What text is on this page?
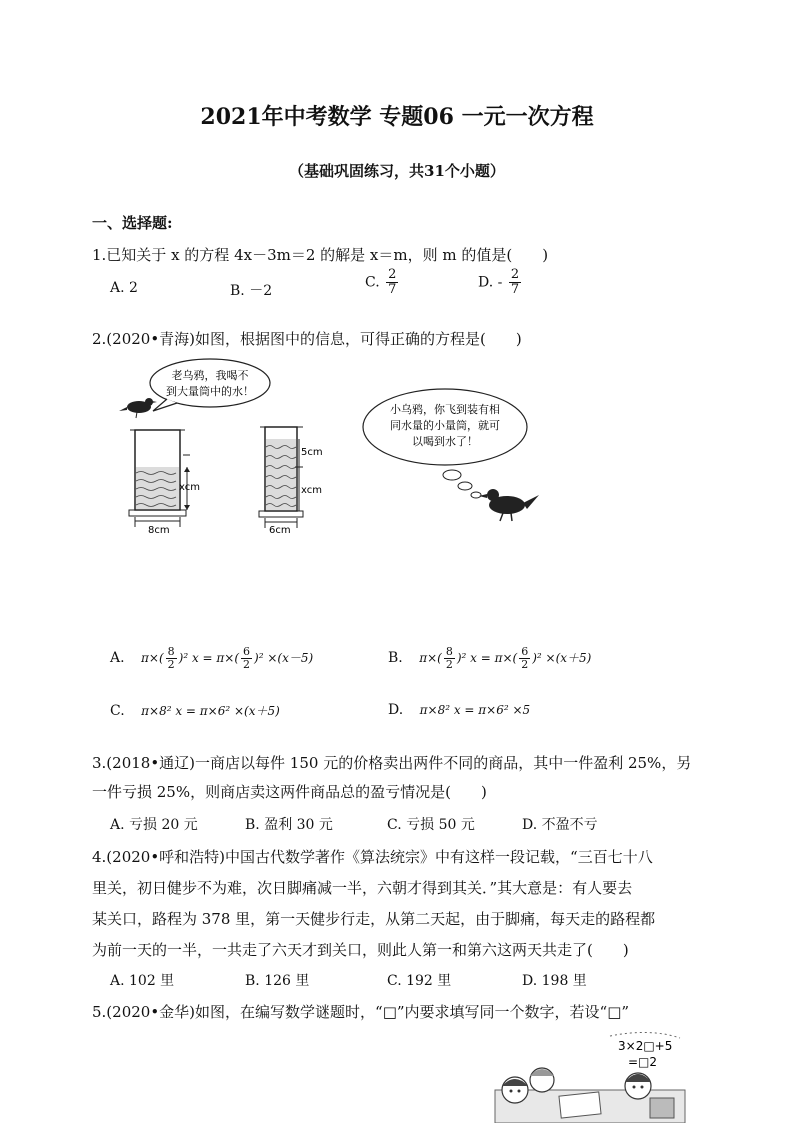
2021年中考数学 专题06 一元一次方程
（基础巩固练习，共31个小题）
一、选择题:
1.已知关于 x 的方程 4x－3m＝2 的解是 x＝m，则 m 的值是(　　)
A. 2	B. －2
C. $\frac{2}{7}$	D. - $\frac{2}{7}$
2.(2020•青海)如图，根据图中的信息，可得正确的方程是(　　)
老乌鸦，我喝不
到大量筒中的水！
xcm
8cm
5cm
xcm
6cm
小乌鸦，你飞到装有相
同水量的小量筒，就可
以喝到水了！
A. $\pi\times( \frac{8}{2} )^2$ $x = \pi\times( \frac{6}{2} )^2 \times(x-5)$	B. $\pi\times( \frac{8}{2} )^2$ $x = \pi\times( \frac{6}{2} )^2 \times(x+5)$
C. π×8² x = π×6² ×(x＋5)	D. π×8² x = π×6² ×5
3.(2018•通辽)一商店以每件 150 元的价格卖出两件不同的商品，其中一件盈利 25%，另
一件亏损 25%，则商店卖这两件商品总的盈亏情况是(　　)
A. 亏损 20 元	B. 盈利 30 元	C. 亏损 50 元	D. 不盈不亏
4.(2020•呼和浩特)中国古代数学著作《算法统宗》中有这样一段记载，“三百七十八
里关，初日健步不为难，次日脚痛减一半，六朝才得到其关．”其大意是：有人要去
某关口，路程为 378 里，第一天健步行走，从第二天起，由于脚痛，每天走的路程都
为前一天的一半，一共走了六天才到关口，则此人第一和第六这两天共走了(　　)
A. 102 里	B. 126 里	C. 192 里	D. 198 里
5.(2020•金华)如图，在编写数学谜题时，“□”内要求填写同一个数字，若设“□”
3×2□+5
=□2
